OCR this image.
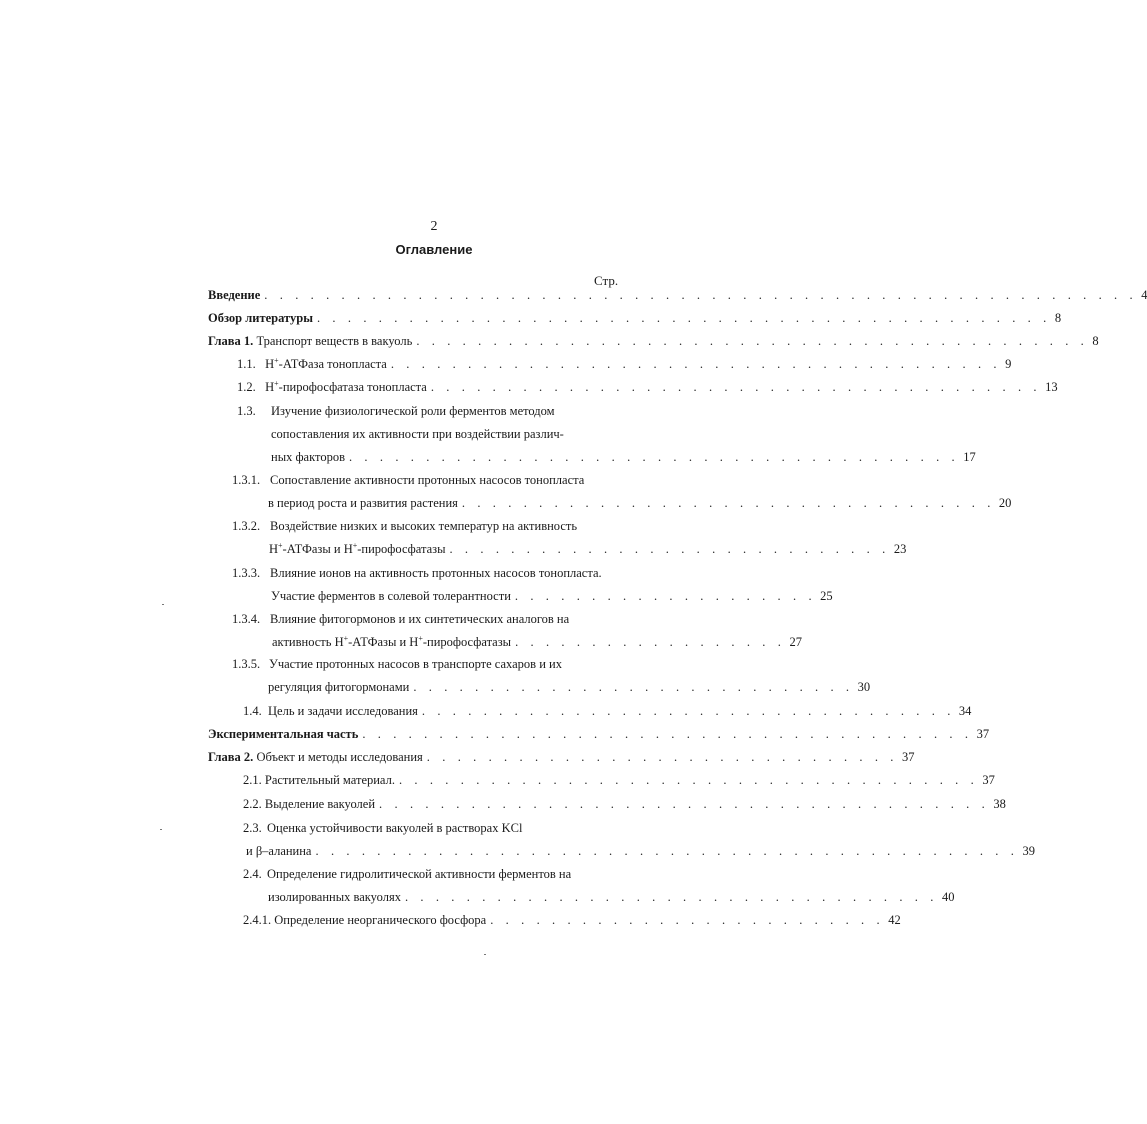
2
Оглавление
Стр.
Введение . . . . . . . . . . . . . . . . . . . . . . . . . . . . . . . . . . . . . . . . . . . . . . . . . . . . . . . . . 4
Обзор литературы . . . . . . . . . . . . . . . . . . . . . . . . . . . . . . . . . . . . . . . . . . . . . . . . 8
Глава 1. Транспорт веществ в вакуоль . . . . . . . . . . . . . . . . . . . . . . . . . . . . . . . . . . . . . . . . . . . . 8
1.1. H+-АТФаза тонопласта . . . . . . . . . . . . . . . . . . . . . . . . . . . . . . . . . . . . . . . . 9
1.2. H+-пирофосфатаза тонопласта . . . . . . . . . . . . . . . . . . . . . . . . . . . . . . . . . . . . . . . . 13
1.3. Изучение физиологической роли ферментов методом
сопоставления их активности при воздействии различ-
ных факторов . . . . . . . . . . . . . . . . . . . . . . . . . . . . . . . . . . . . . . . . 17
1.3.1. Сопоставление активности протонных насосов тонопласта
в период роста и развития растения . . . . . . . . . . . . . . . . . . . . . . . . . . . . . . . . . . . 20
1.3.2. Воздействие низких и высоких температур на активность
H+-АТФазы и H+-пирофосфатазы . . . . . . . . . . . . . . . . . . . . . . . . . . . . . 23
1.3.3. Влияние ионов на активность протонных насосов тонопласта.
Участие ферментов в солевой толерантности . . . . . . . . . . . . . . . . . . . . 25
1.3.4. Влияние фитогормонов и их синтетических аналогов на
активность H+-АТФазы и H+-пирофосфатазы . . . . . . . . . . . . . . . . . . 27
1.3.5. Участие протонных насосов в транспорте сахаров и их
регуляция фитогормонами . . . . . . . . . . . . . . . . . . . . . . . . . . . . . 30
1.4. Цель и задачи исследования . . . . . . . . . . . . . . . . . . . . . . . . . . . . . . . . . . . 34
Экспериментальная часть . . . . . . . . . . . . . . . . . . . . . . . . . . . . . . . . . . . . . . . . 37
Глава 2. Объект и методы исследования . . . . . . . . . . . . . . . . . . . . . . . . . . . . . . . 37
2.1. Растительный материал. . . . . . . . . . . . . . . . . . . . . . . . . . . . . . . . . . . . . . . 37
2.2. Выделение вакуолей . . . . . . . . . . . . . . . . . . . . . . . . . . . . . . . . . . . . . . . . 38
2.3. Оценка устойчивости вакуолей в растворах KCl
и β–аланина . . . . . . . . . . . . . . . . . . . . . . . . . . . . . . . . . . . . . . . . . . . . . . 39
2.4. Определение гидролитической активности ферментов на
изолированных вакуолях . . . . . . . . . . . . . . . . . . . . . . . . . . . . . . . . . . . 40
2.4.1. Определение неорганического фосфора . . . . . . . . . . . . . . . . . . . . . . . . . . 42
